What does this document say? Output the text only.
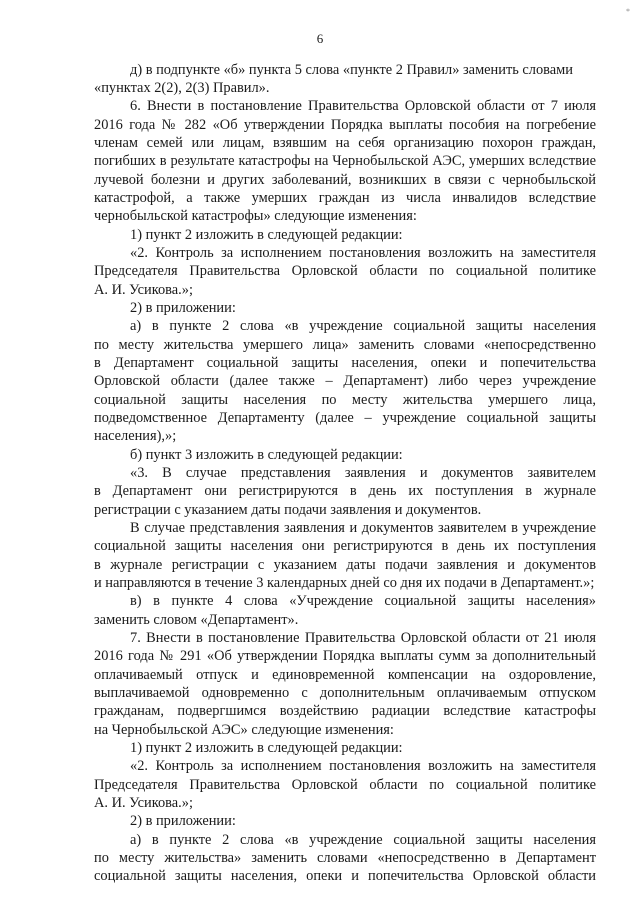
*
6
д) в подпункте «б» пункта 5 слова «пункте 2 Правил» заменить словами
«пунктах 2(2), 2(3) Правил».
6. Внести в постановление Правительства Орловской области от 7 июля
2016 года № 282 «Об утверждении Порядка выплаты пособия на погребение
членам семей или лицам, взявшим на себя организацию похорон граждан,
погибших в результате катастрофы на Чернобыльской АЭС, умерших вследствие
лучевой болезни и других заболеваний, возникших в связи с чернобыльской
катастрофой, а также умерших граждан из числа инвалидов вследствие
чернобыльской катастрофы» следующие изменения:
1) пункт 2 изложить в следующей редакции:
«2. Контроль за исполнением постановления возложить на заместителя
Председателя Правительства Орловской области по социальной политике
А. И. Усикова.»;
2) в приложении:
а) в пункте 2 слова «в учреждение социальной защиты населения
по месту жительства умершего лица» заменить словами «непосредственно
в Департамент социальной защиты населения, опеки и попечительства
Орловской области (далее также – Департамент) либо через учреждение
социальной защиты населения по месту жительства умершего лица,
подведомственное Департаменту (далее – учреждение социальной защиты
населения),»;
б) пункт 3 изложить в следующей редакции:
«3. В случае представления заявления и документов заявителем
в Департамент они регистрируются в день их поступления в журнале
регистрации с указанием даты подачи заявления и документов.
В случае представления заявления и документов заявителем в учреждение
социальной защиты населения они регистрируются в день их поступления
в журнале регистрации с указанием даты подачи заявления и документов
и направляются в течение 3 календарных дней со дня их подачи в Департамент.»;
в) в пункте 4 слова «Учреждение социальной защиты населения»
заменить словом «Департамент».
7. Внести в постановление Правительства Орловской области от 21 июля
2016 года № 291 «Об утверждении Порядка выплаты сумм за дополнительный
оплачиваемый отпуск и единовременной компенсации на оздоровление,
выплачиваемой одновременно с дополнительным оплачиваемым отпуском
гражданам, подвергшимся воздействию радиации вследствие катастрофы
на Чернобыльской АЭС» следующие изменения:
1) пункт 2 изложить в следующей редакции:
«2. Контроль за исполнением постановления возложить на заместителя
Председателя Правительства Орловской области по социальной политике
А. И. Усикова.»;
2) в приложении:
а) в пункте 2 слова «в учреждение социальной защиты населения
по месту жительства» заменить словами «непосредственно в Департамент
социальной защиты населения, опеки и попечительства Орловской области
